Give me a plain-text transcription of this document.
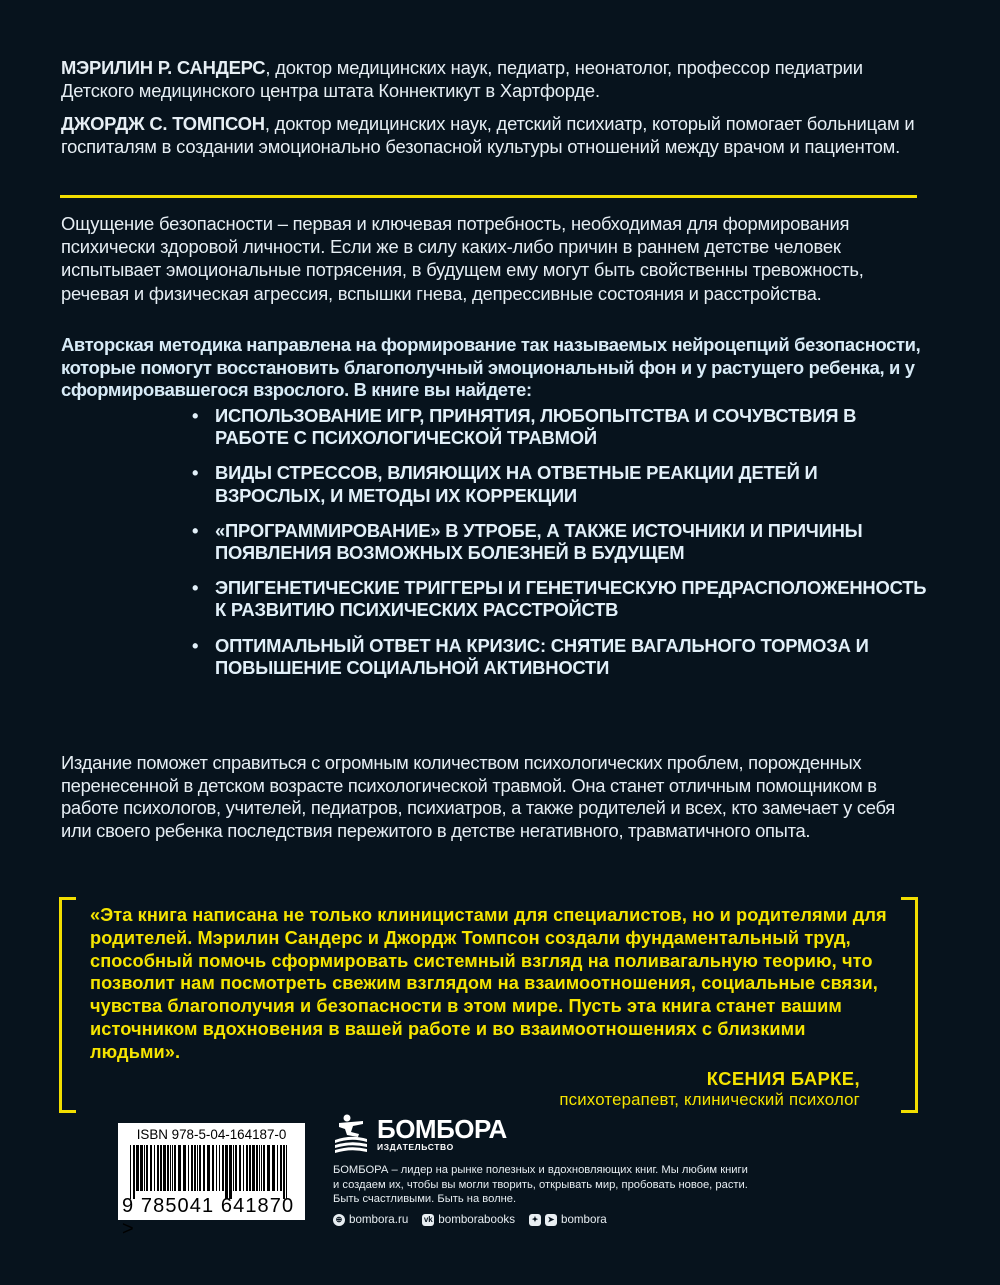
МЭРИЛИН Р. САНДЕРС, доктор медицинских наук, педиатр, неонатолог, профессор педиатрии Детского медицинского центра штата Коннектикут в Хартфорде.

ДЖОРДЖ С. ТОМПСОН, доктор медицинских наук, детский психиатр, который помогает больницам и госпиталям в создании эмоционально безопасной культуры отношений между врачом и пациентом.

Ощущение безопасности – первая и ключевая потребность, необходимая для формирования психически здоровой личности. Если же в силу каких-либо причин в раннем детстве человек испытывает эмоциональные потрясения, в будущем ему могут быть свойственны тревожность, речевая и физическая агрессия, вспышки гнева, депрессивные состояния и расстройства.

Авторская методика направлена на формирование так называемых нейроцепций безопасности, которые помогут восстановить благополучный эмоциональный фон и у растущего ребенка, и у сформировавшегося взрослого. В книге вы найдете:
• ИСПОЛЬЗОВАНИЕ ИГР, ПРИНЯТИЯ, ЛЮБОПЫТСТВА И СОЧУВСТВИЯ В РАБОТЕ С ПСИХОЛОГИЧЕСКОЙ ТРАВМОЙ
• ВИДЫ СТРЕССОВ, ВЛИЯЮЩИХ НА ОТВЕТНЫЕ РЕАКЦИИ ДЕТЕЙ И ВЗРОСЛЫХ, И МЕТОДЫ ИХ КОРРЕКЦИИ
• «ПРОГРАММИРОВАНИЕ» В УТРОБЕ, А ТАКЖЕ ИСТОЧНИКИ И ПРИЧИНЫ ПОЯВЛЕНИЯ ВОЗМОЖНЫХ БОЛЕЗНЕЙ В БУДУЩЕМ
• ЭПИГЕНЕТИЧЕСКИЕ ТРИГГЕРЫ И ГЕНЕТИЧЕСКУЮ ПРЕДРАСПОЛОЖЕННОСТЬ К РАЗВИТИЮ ПСИХИЧЕСКИХ РАССТРОЙСТВ
• ОПТИМАЛЬНЫЙ ОТВЕТ НА КРИЗИС: СНЯТИЕ ВАГАЛЬНОГО ТОРМОЗА И ПОВЫШЕНИЕ СОЦИАЛЬНОЙ АКТИВНОСТИ
Издание поможет справиться с огромным количеством психологических проблем, порожденных перенесенной в детском возрасте психологической травмой. Она станет отличным помощником в работе психологов, учителей, педиатров, психиатров, а также родителей и всех, кто замечает у себя или своего ребенка последствия пережитого в детстве негативного, травматичного опыта.
«Эта книга написана не только клиницистами для специалистов, но и родителями для родителей. Мэрилин Сандерс и Джордж Томпсон создали фундаментальный труд, способный помочь сформировать системный взгляд на поливагальную теорию, что позволит нам посмотреть свежим взглядом на взаимоотношения, социальные связи, чувства благополучия и безопасности в этом мире. Пусть эта книга станет вашим источником вдохновения в вашей работе и во взаимоотношениях с близкими людьми».
КСЕНИЯ БАРКЕ,
психотерапевт, клинический психолог
ISBN 978-5-04-164187-0
9 785041 641870 >
БОМБОРА
ИЗДАТЕЛЬСТВО
БОМБОРА – лидер на рынке полезных и вдохновляющих книг. Мы любим книги и создаем их, чтобы вы могли творить, открывать мир, пробовать новое, расти. Быть счастливыми. Быть на волне.
⊕ bombora.ru vk bomborabooks	✦	➤ bombora
